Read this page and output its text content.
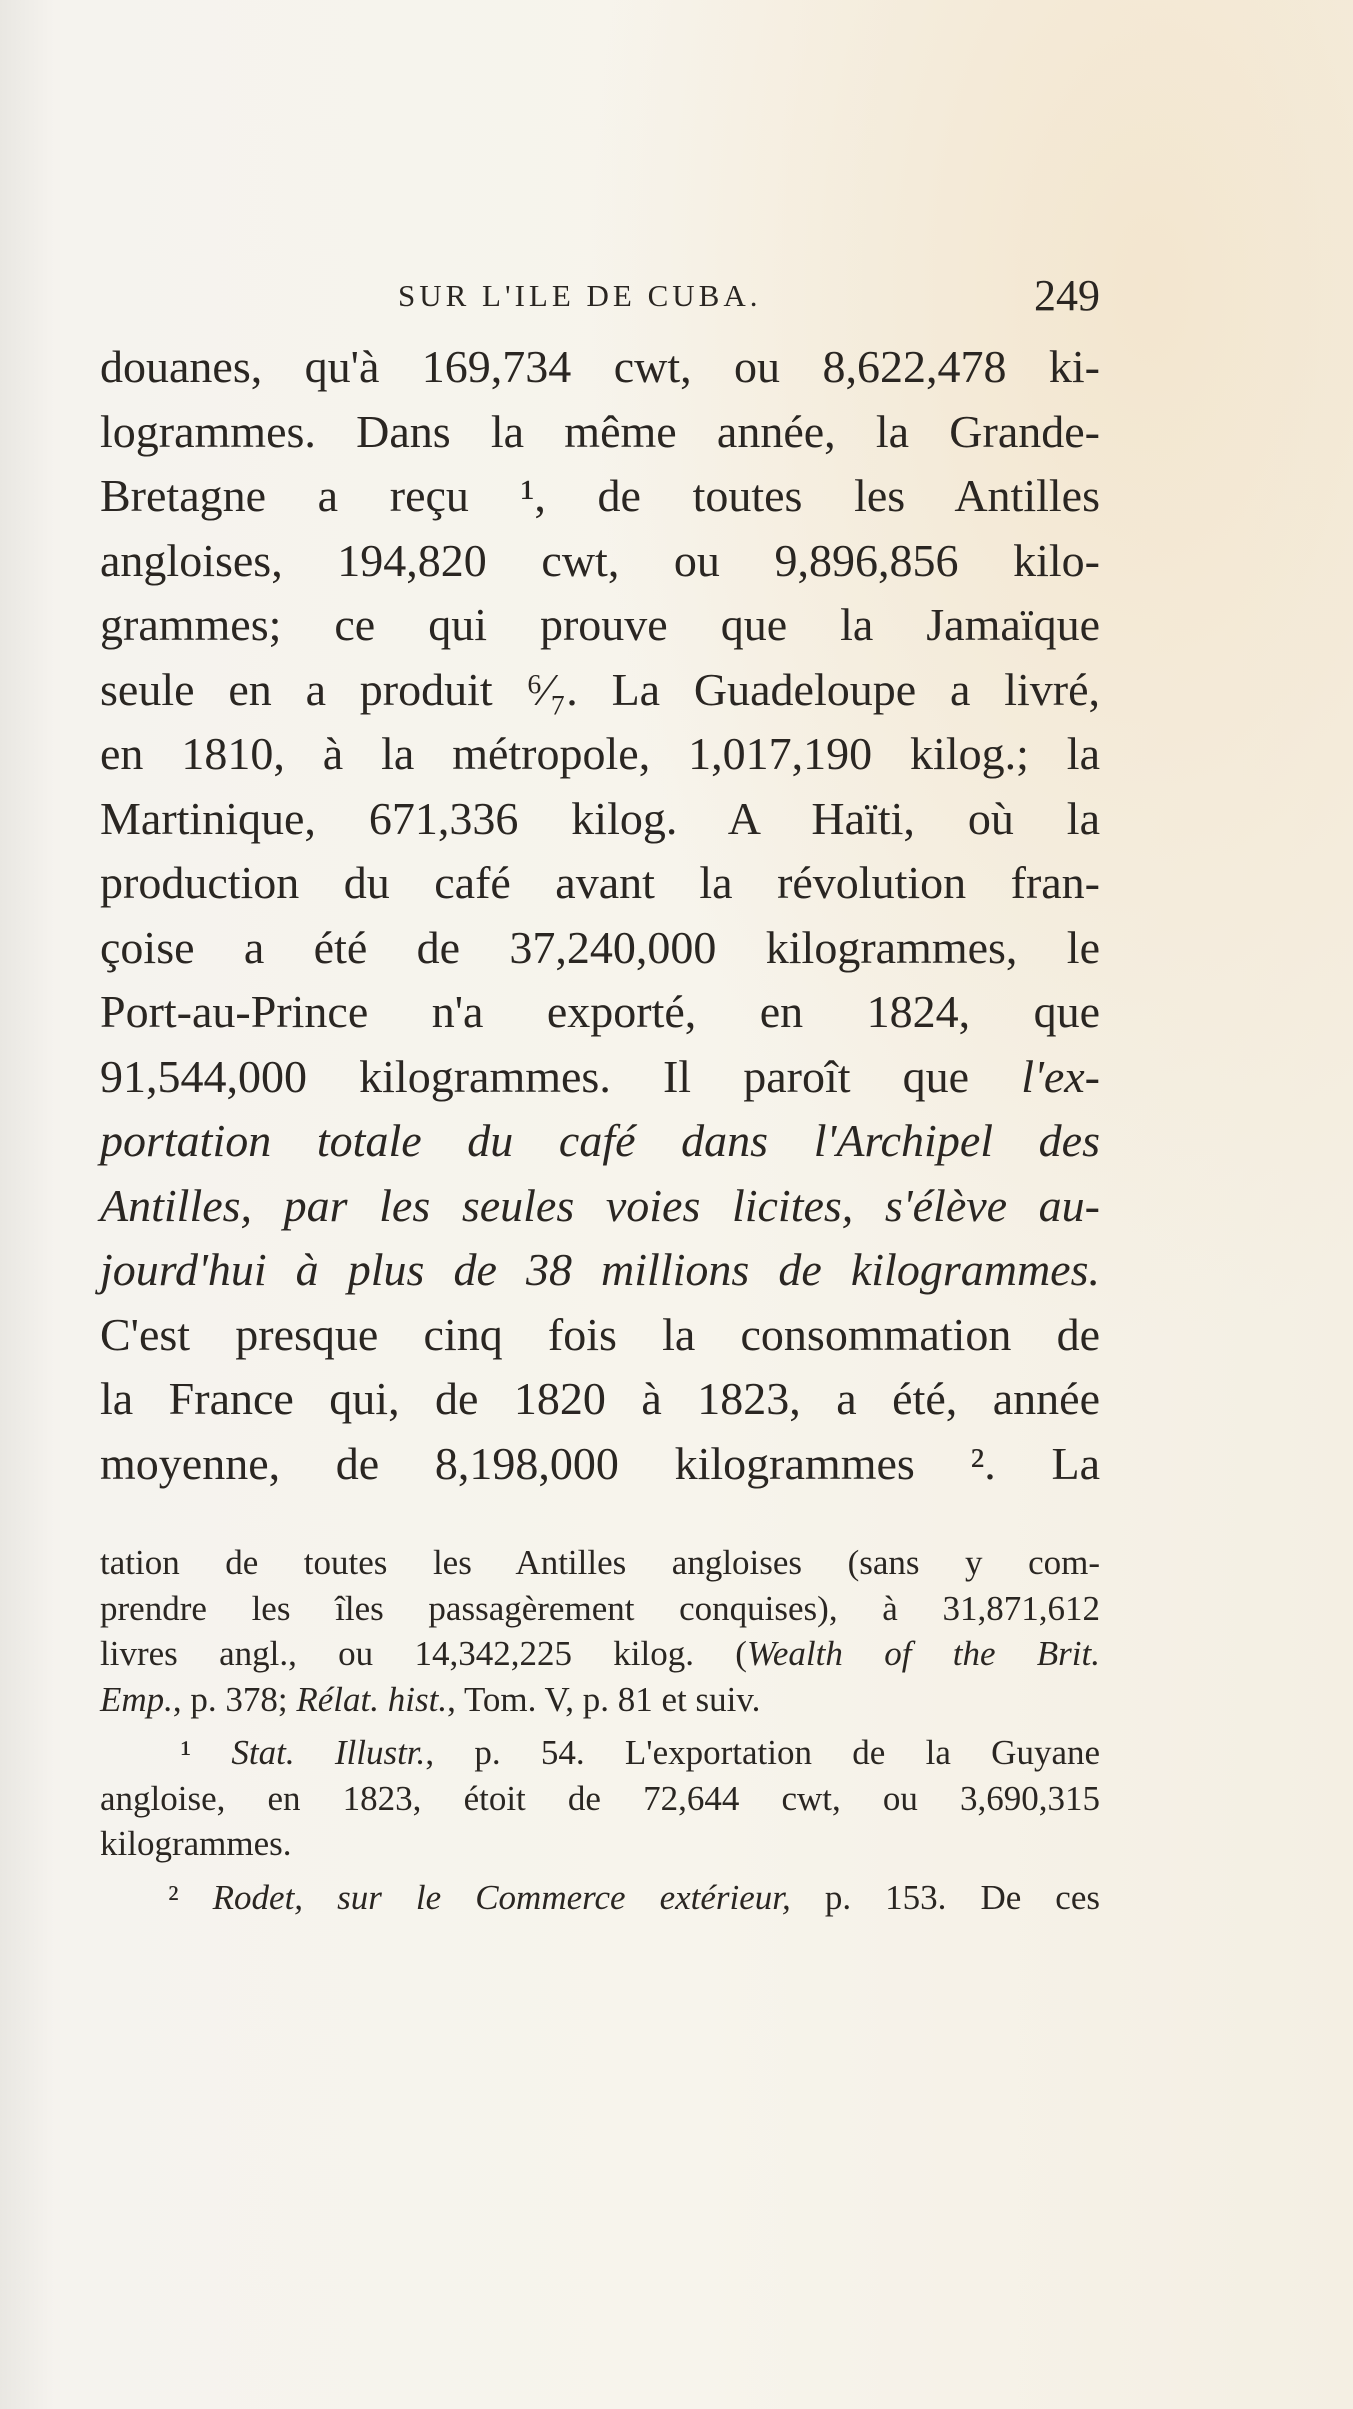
SUR L'ILE DE CUBA.	249
douanes, qu'à 169,734 cwt, ou 8,622,478 ki-
logrammes. Dans la même année, la Grande-
Bretagne a reçu ¹, de toutes les Antilles
angloises, 194,820 cwt, ou 9,896,856 kilo-
grammes; ce qui prouve que la Jamaïque
seule en a produit ⁶⁄₇. La Guadeloupe a livré,
en 1810, à la métropole, 1,017,190 kilog.; la
Martinique, 671,336 kilog. A Haïti, où la
production du café avant la révolution fran-
çoise a été de 37,240,000 kilogrammes, le
Port-au-Prince n'a exporté, en 1824, que
91,544,000 kilogrammes. Il paroît que l'ex-
portation totale du café dans l'Archipel des
Antilles, par les seules voies licites, s'élève au-
jourd'hui à plus de 38 millions de kilogrammes.
C'est presque cinq fois la consommation de
la France qui, de 1820 à 1823, a été, année
moyenne, de 8,198,000 kilogrammes ². La
tation de toutes les Antilles angloises (sans y com-
prendre les îles passagèrement conquises), à 31,871,612
livres angl., ou 14,342,225 kilog. (Wealth of the Brit.
Emp., p. 378; Rélat. hist., Tom. V, p. 81 et suiv.
¹ Stat. Illustr., p. 54. L'exportation de la Guyane
angloise, en 1823, étoit de 72,644 cwt, ou 3,690,315
kilogrammes.
² Rodet, sur le Commerce extérieur, p. 153. De ces
